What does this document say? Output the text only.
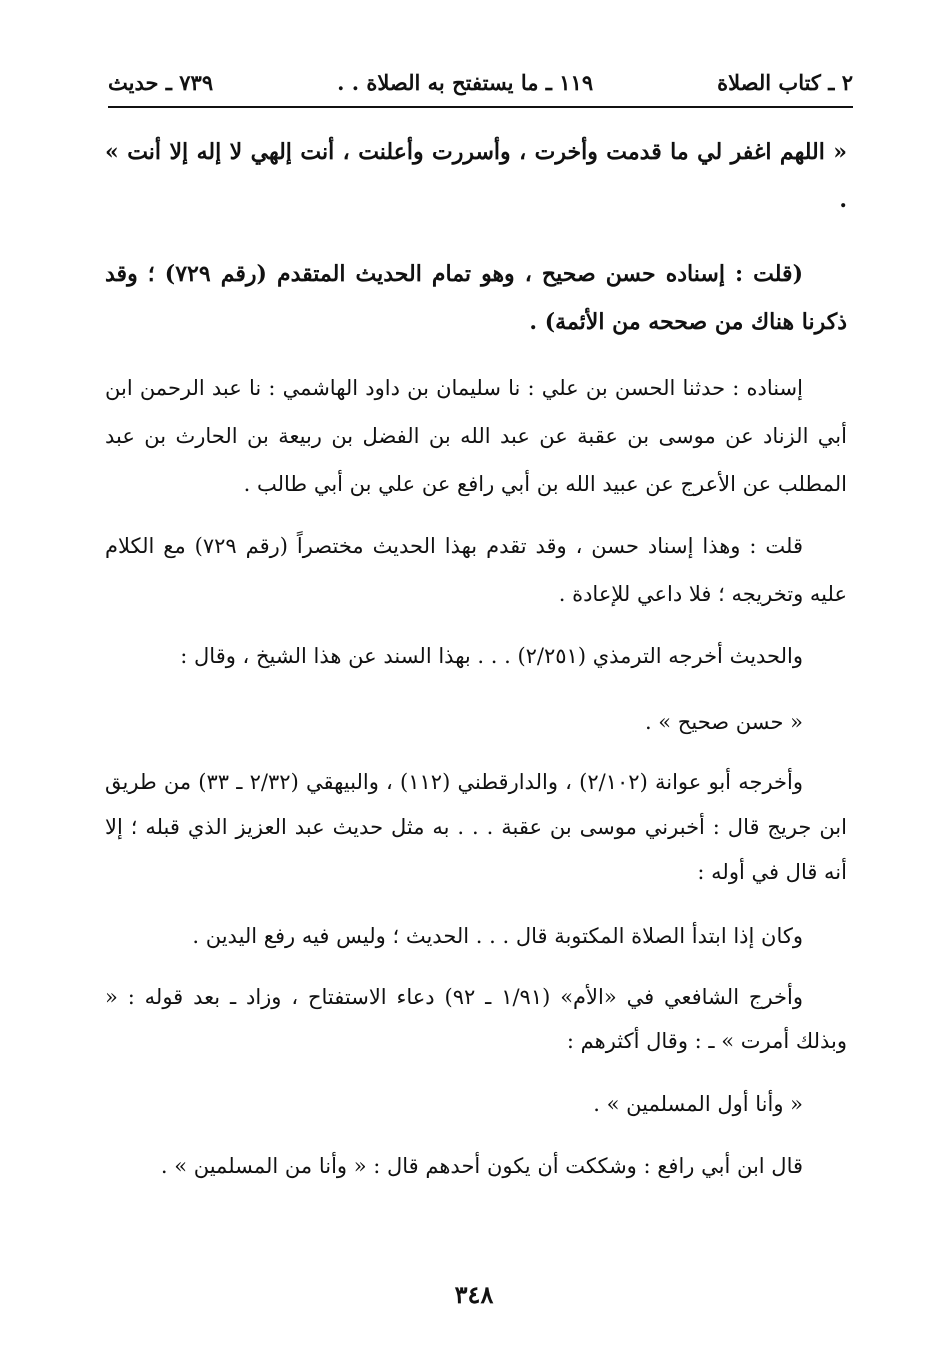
٢ ـ كتاب الصلاة
١١٩ ـ ما يستفتح به الصلاة . .
٧٣٩ ـ حديث

« اللهم اغفر لي ما قدمت وأخرت ، وأسررت وأعلنت ، أنت إلهي لا إله إلا أنت » .

(قلت : إسناده حسن صحيح ، وهو تمام الحديث المتقدم (رقم ٧٢٩) ؛ وقد ذكرنا هناك من صححه من الأئمة) .

إسناده : حدثنا الحسن بن علي : نا سليمان بن داود الهاشمي : نا عبد الرحمن ابن أبي الزناد عن موسى بن عقبة عن عبد الله بن الفضل بن ربيعة بن الحارث بن عبد المطلب عن الأعرج عن عبيد الله بن أبي رافع عن علي بن أبي طالب .

قلت : وهذا إسناد حسن ، وقد تقدم بهذا الحديث مختصراً (رقم ٧٢٩) مع الكلام عليه وتخريجه ؛ فلا داعي للإعادة .

والحديث أخرجه الترمذي (٢/٢٥١) . . . بهذا السند عن هذا الشيخ ، وقال :

« حسن صحيح » .

وأخرجه أبو عوانة (٢/١٠٢) ، والدارقطني (١١٢) ، والبيهقي (٢/٣٢ ـ ٣٣) من طريق ابن جريج قال : أخبرني موسى بن عقبة . . . به مثل حديث عبد العزيز الذي قبله ؛ إلا أنه قال في أوله :

وكان إذا ابتدأ الصلاة المكتوبة قال . . . الحديث ؛ وليس فيه رفع اليدين .

وأخرج الشافعي في «الأم» (١/٩١ ـ ٩٢) دعاء الاستفتاح ، وزاد ـ بعد قوله : « وبذلك أمرت » ـ : وقال أكثرهم :

« وأنا أول المسلمين » .

قال ابن أبي رافع : وشككت أن يكون أحدهم قال : « وأنا من المسلمين » .

٣٤٨
